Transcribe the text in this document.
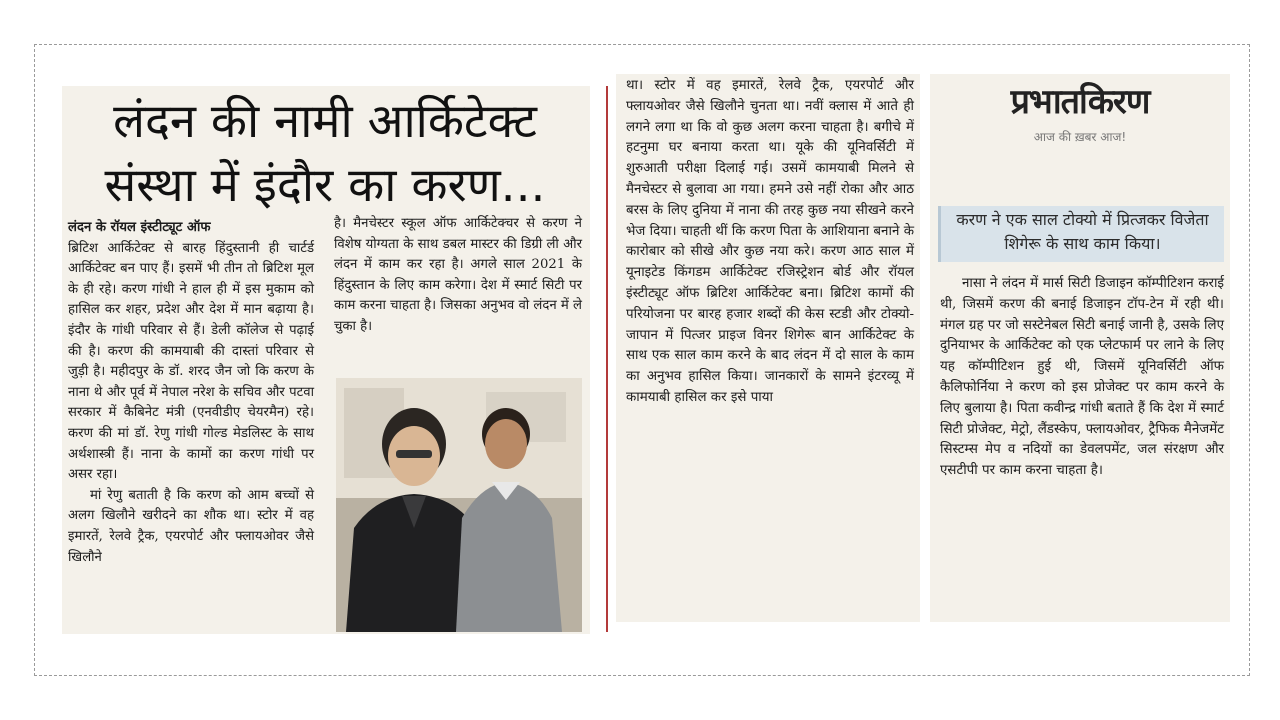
लंदन की नामी आर्किटेक्ट
संस्था में इंदौर का करण...

लंदन के रॉयल इंस्टीट्यूट ऑफ

ब्रिटिश आर्किटेक्ट से बारह हिंदुस्तानी ही चार्टर्ड आर्किटेक्ट बन पाए हैं। इसमें भी तीन तो ब्रिटिश मूल के ही रहे। करण गांधी ने हाल ही में इस मुकाम को हासिल कर शहर, प्रदेश और देश में मान बढ़ाया है। इंदौर के गांधी परिवार से हैं। डेली कॉलेज से पढ़ाई की है। करण की कामयाबी की दास्तां परिवार से जुड़ी है। महीदपुर के डॉ. शरद जैन जो कि करण के नाना थे और पूर्व में नेपाल नरेश के सचिव और पटवा सरकार में कैबिनेट मंत्री (एनवीडीए चेयरमैन) रहे। करण की मां डॉ. रेणु गांधी गोल्ड मेडलिस्ट के साथ अर्थशास्त्री हैं। नाना के कामों का करण गांधी पर असर रहा।

मां रेणु बताती है कि करण को आम बच्चों से अलग खिलौने खरीदने का शौक था। स्टोर में वह इमारतें, रेलवे ट्रैक, एयरपोर्ट और फ्लायओवर जैसे खिलौने

है। मैनचेस्टर स्कूल ऑफ आर्किटेक्चर से करण ने विशेष योग्यता के साथ डबल मास्टर की डिग्री ली और लंदन में काम कर रहा है। अगले साल 2021 के हिंदुस्तान के लिए काम करेगा। देश में स्मार्ट सिटी पर काम करना चाहता है। जिसका अनुभव वो लंदन में ले चुका है।

था। स्टोर में वह इमारतें, रेलवे ट्रैक, एयरपोर्ट और फ्लायओवर जैसे खिलौने चुनता था। नवीं क्लास में आते ही लगने लगा था कि वो कुछ अलग करना चाहता है। बगीचे में हटनुमा घर बनाया करता था। यूके की यूनिवर्सिटी में शुरुआती परीक्षा दिलाई गई। उसमें कामयाबी मिलने से मैनचेस्टर से बुलावा आ गया। हमने उसे नहीं रोका और आठ बरस के लिए दुनिया में नाना की तरह कुछ नया सीखने करने भेज दिया। चाहती थीं कि करण पिता के आशियाना बनाने के कारोबार को सीखे और कुछ नया करे। करण आठ साल में यूनाइटेड किंगडम आर्किटेक्ट रजिस्ट्रेशन बोर्ड और रॉयल इंस्टीट्यूट ऑफ ब्रिटिश आर्किटेक्ट बना। ब्रिटिश कामों की परियोजना पर बारह हजार शब्दों की केस स्टडी और टोक्यो-जापान में पित्जर प्राइज विनर शिगेरू बान आर्किटेक्ट के साथ एक साल काम करने के बाद लंदन में दो साल के काम का अनुभव हासिल किया। जानकारों के सामने इंटरव्यू में कामयाबी हासिल कर इसे पाया

प्रभातकिरण
आज की ख़बर आज!
करण ने एक साल टोक्यो में प्रित्जकर विजेता शिगेरू के साथ काम किया।

नासा ने लंदन में मार्स सिटी डिजाइन कॉम्पीटिशन कराई थी, जिसमें करण की बनाई डिजाइन टॉप-टेन में रही थी। मंगल ग्रह पर जो सस्टेनेबल सिटी बनाई जानी है, उसके लिए दुनियाभर के आर्किटेक्ट को एक प्लेटफार्म पर लाने के लिए यह कॉम्पीटिशन हुई थी, जिसमें यूनिवर्सिटी ऑफ कैलिफोर्निया ने करण को इस प्रोजेक्ट पर काम करने के लिए बुलाया है। पिता कवीन्द्र गांधी बताते हैं कि देश में स्मार्ट सिटी प्रोजेक्ट, मेट्रो, लैंडस्केप, फ्लायओवर, ट्रैफिक मैनेजमेंट सिस्टम्स मेप व नदियों का डेवलपमेंट, जल संरक्षण और एसटीपी पर काम करना चाहता है।
